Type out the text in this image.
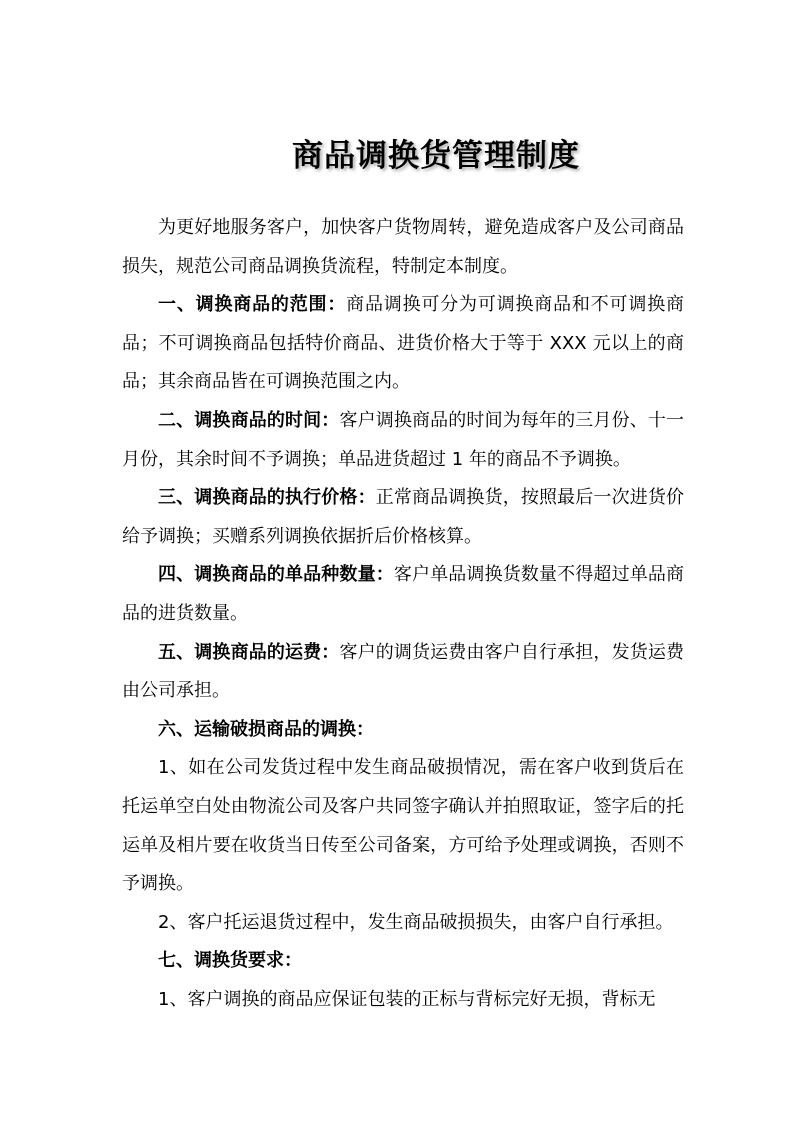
商品调换货管理制度

为更好地服务客户，加快客户货物周转，避免造成客户及公司商品损失，规范公司商品调换货流程，特制定本制度。

一、调换商品的范围：商品调换可分为可调换商品和不可调换商品；不可调换商品包括特价商品、进货价格大于等于 XXX 元以上的商品；其余商品皆在可调换范围之内。

二、调换商品的时间：客户调换商品的时间为每年的三月份、十一月份，其余时间不予调换；单品进货超过 1 年的商品不予调换。

三、调换商品的执行价格：正常商品调换货，按照最后一次进货价给予调换；买赠系列调换依据折后价格核算。

四、调换商品的单品种数量：客户单品调换货数量不得超过单品商品的进货数量。

五、调换商品的运费：客户的调货运费由客户自行承担，发货运费由公司承担。

六、运输破损商品的调换：

1、如在公司发货过程中发生商品破损情况，需在客户收到货后在托运单空白处由物流公司及客户共同签字确认并拍照取证，签字后的托运单及相片要在收货当日传至公司备案，方可给予处理或调换，否则不予调换。

2、客户托运退货过程中，发生商品破损损失，由客户自行承担。

七、调换货要求：

1、客户调换的商品应保证包装的正标与背标完好无损，背标无
